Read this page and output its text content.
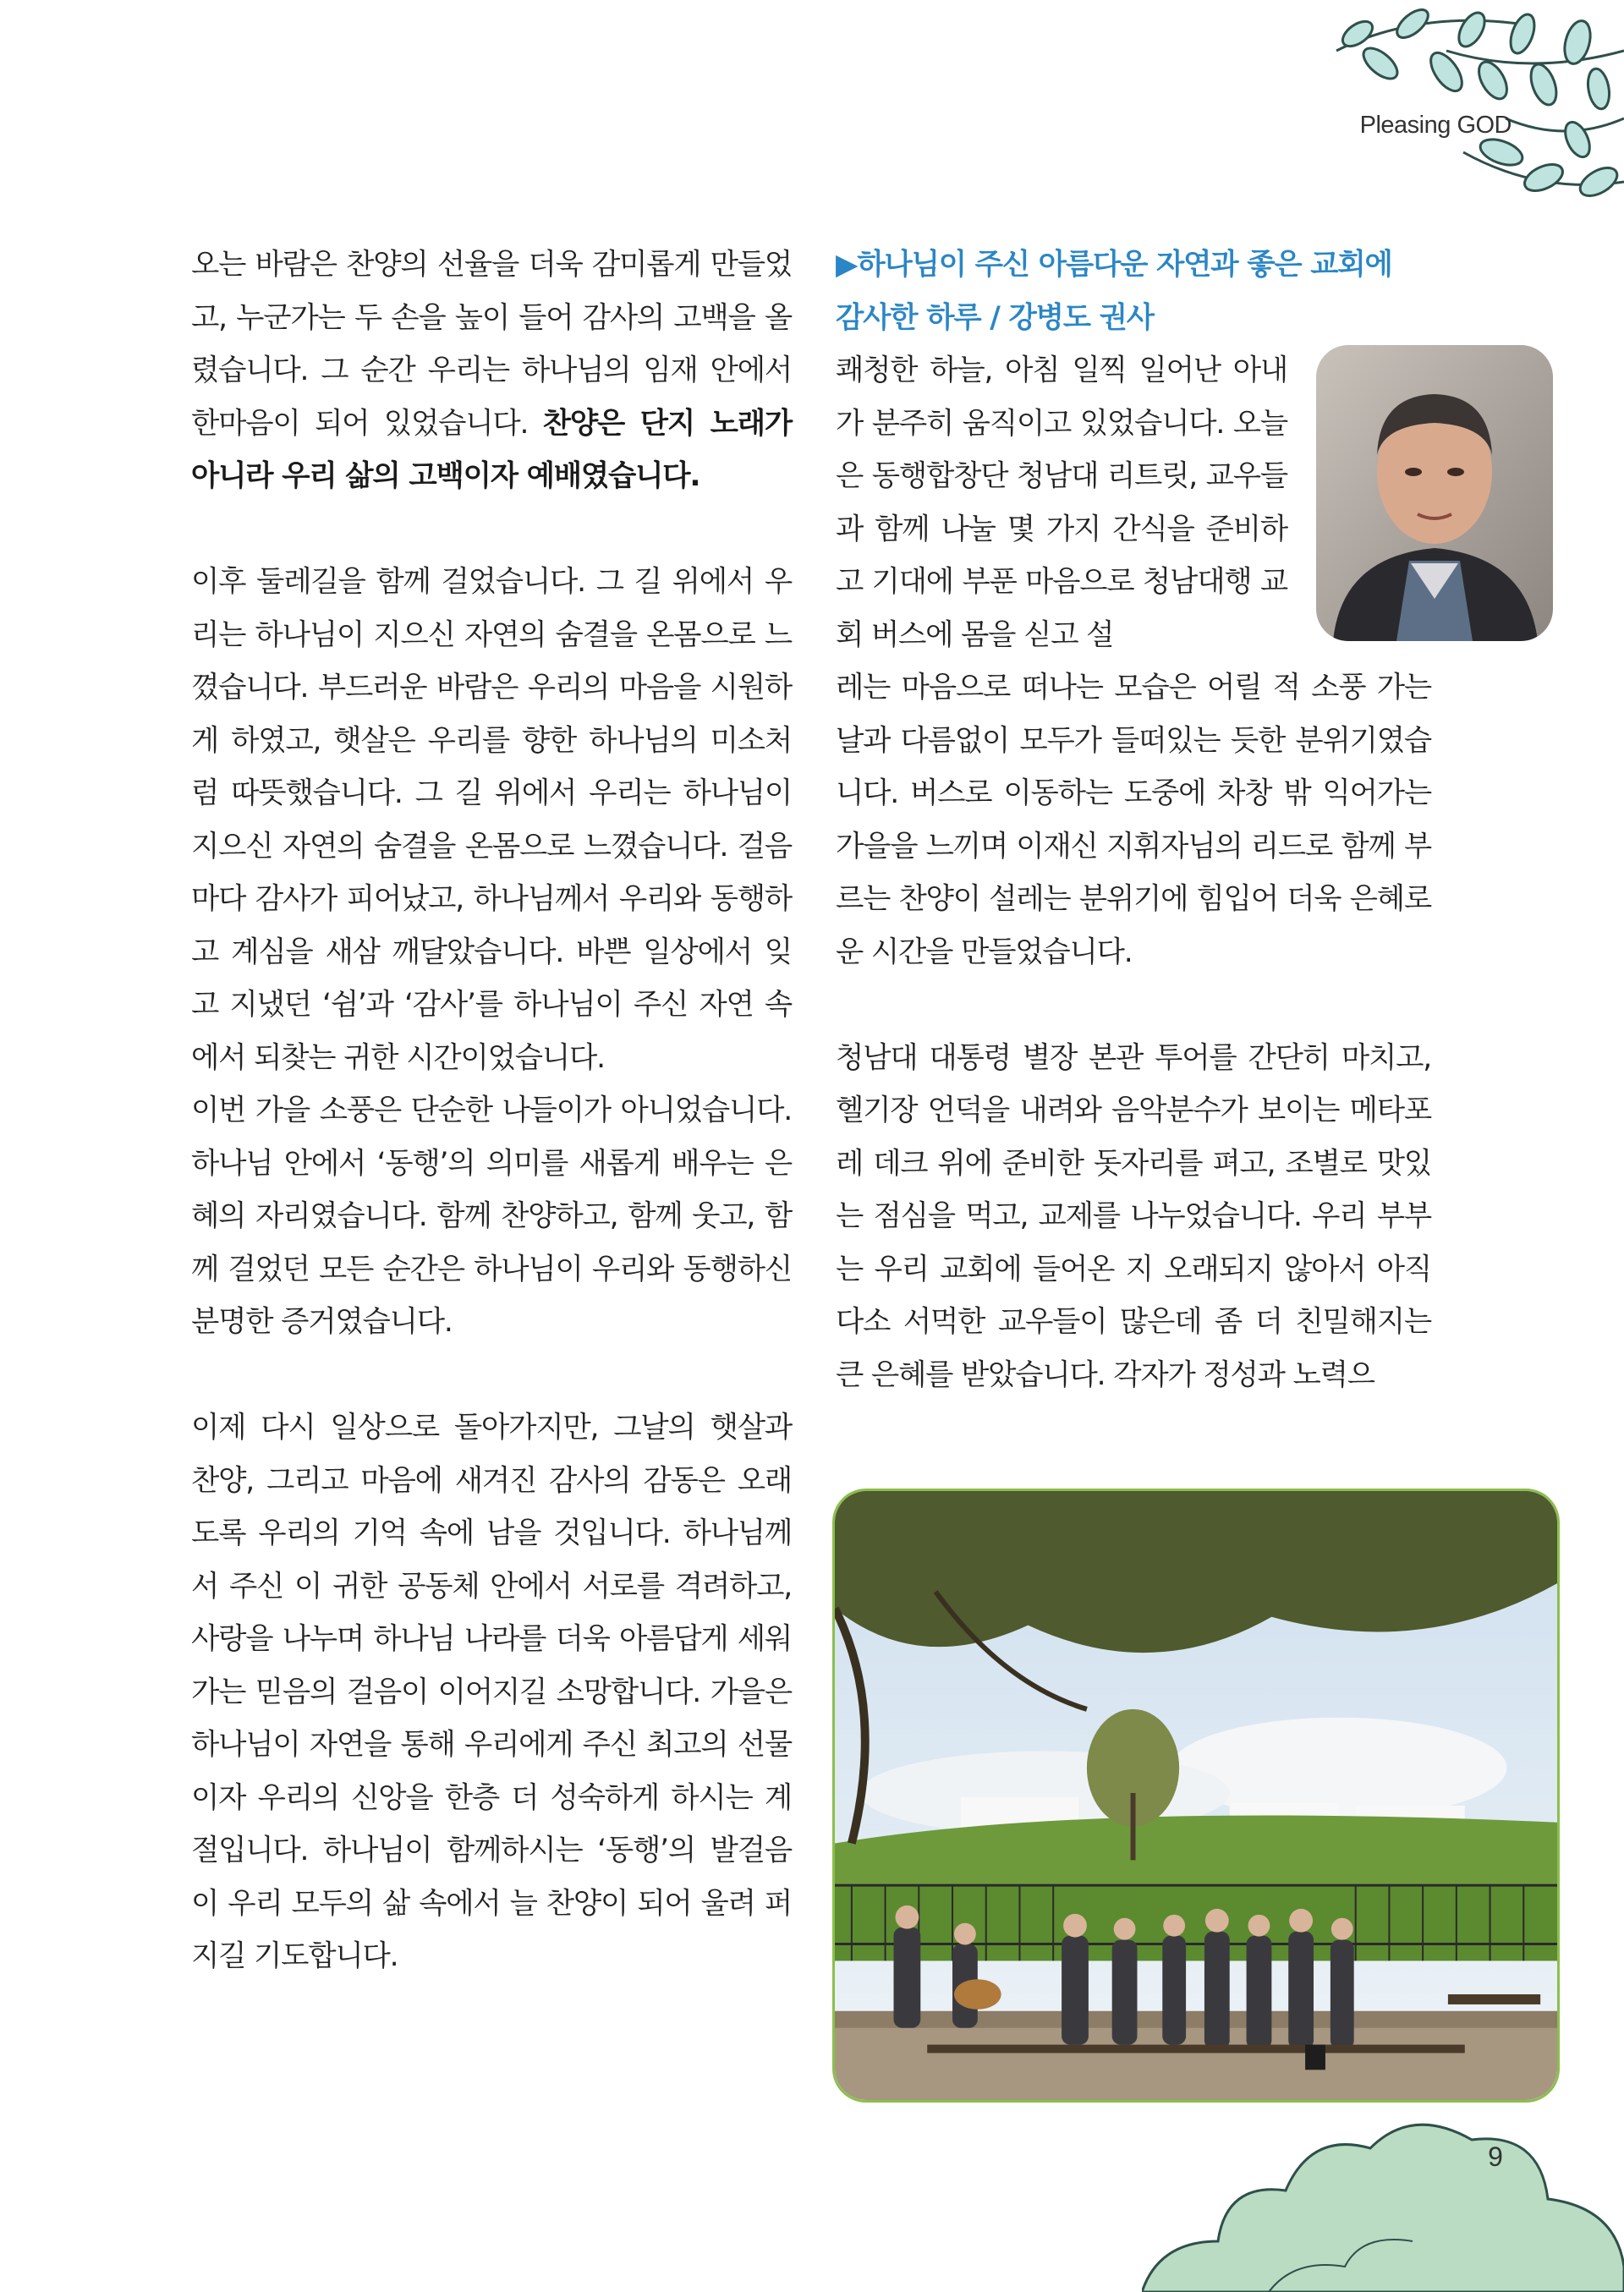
Pleasing GOD

오는 바람은 찬양의 선율을 더욱 감미롭게 만들었고, 누군가는 두 손을 높이 들어 감사의 고백을 올렸습니다. 그 순간 우리는 하나님의 임재 안에서 한마음이 되어 있었습니다. 찬양은 단지 노래가 아니라 우리 삶의 고백이자 예배였습니다.

이후 둘레길을 함께 걸었습니다. 그 길 위에서 우리는 하나님이 지으신 자연의 숨결을 온몸으로 느꼈습니다. 부드러운 바람은 우리의 마음을 시원하게 하였고, 햇살은 우리를 향한 하나님의 미소처럼 따뜻했습니다. 그 길 위에서 우리는 하나님이 지으신 자연의 숨결을 온몸으로 느꼈습니다. 걸음마다 감사가 피어났고, 하나님께서 우리와 동행하고 계심을 새삼 깨달았습니다. 바쁜 일상에서 잊고 지냈던 ‘쉼’과 ‘감사’를 하나님이 주신 자연 속에서 되찾는 귀한 시간이었습니다.

이번 가을 소풍은 단순한 나들이가 아니었습니다. 하나님 안에서 ‘동행’의 의미를 새롭게 배우는 은혜의 자리였습니다. 함께 찬양하고, 함께 웃고, 함께 걸었던 모든 순간은 하나님이 우리와 동행하신 분명한 증거였습니다.

이제 다시 일상으로 돌아가지만, 그날의 햇살과 찬양, 그리고 마음에 새겨진 감사의 감동은 오래도록 우리의 기억 속에 남을 것입니다. 하나님께서 주신 이 귀한 공동체 안에서 서로를 격려하고, 사랑을 나누며 하나님 나라를 더욱 아름답게 세워가는 믿음의 걸음이 이어지길 소망합니다. 가을은 하나님이 자연을 통해 우리에게 주신 최고의 선물이자 우리의 신앙을 한층 더 성숙하게 하시는 계절입니다. 하나님이 함께하시는 ‘동행’의 발걸음이 우리 모두의 삶 속에서 늘 찬양이 되어 울려 퍼지길 기도합니다.

▶하나님이 주신 아름다운 자연과 좋은 교회에
감사한 하루 / 강병도 권사

쾌청한 하늘, 아침 일찍 일어난 아내가 분주히 움직이고 있었습니다. 오늘은 동행합창단 청남대 리트릿, 교우들과 함께 나눌 몇 가지 간식을 준비하고 기대에 부푼 마음으로 청남대행 교회 버스에 몸을 싣고 설

레는 마음으로 떠나는 모습은 어릴 적 소풍 가는 날과 다름없이 모두가 들떠있는 듯한 분위기였습니다. 버스로 이동하는 도중에 차창 밖 익어가는 가을을 느끼며 이재신 지휘자님의 리드로 함께 부르는 찬양이 설레는 분위기에 힘입어 더욱 은혜로운 시간을 만들었습니다.

청남대 대통령 별장 본관 투어를 간단히 마치고, 헬기장 언덕을 내려와 음악분수가 보이는 메타포레 데크 위에 준비한 돗자리를 펴고, 조별로 맛있는 점심을 먹고, 교제를 나누었습니다. 우리 부부는 우리 교회에 들어온 지 오래되지 않아서 아직 다소 서먹한 교우들이 많은데 좀 더 친밀해지는 큰 은혜를 받았습니다. 각자가 정성과 노력으

9
